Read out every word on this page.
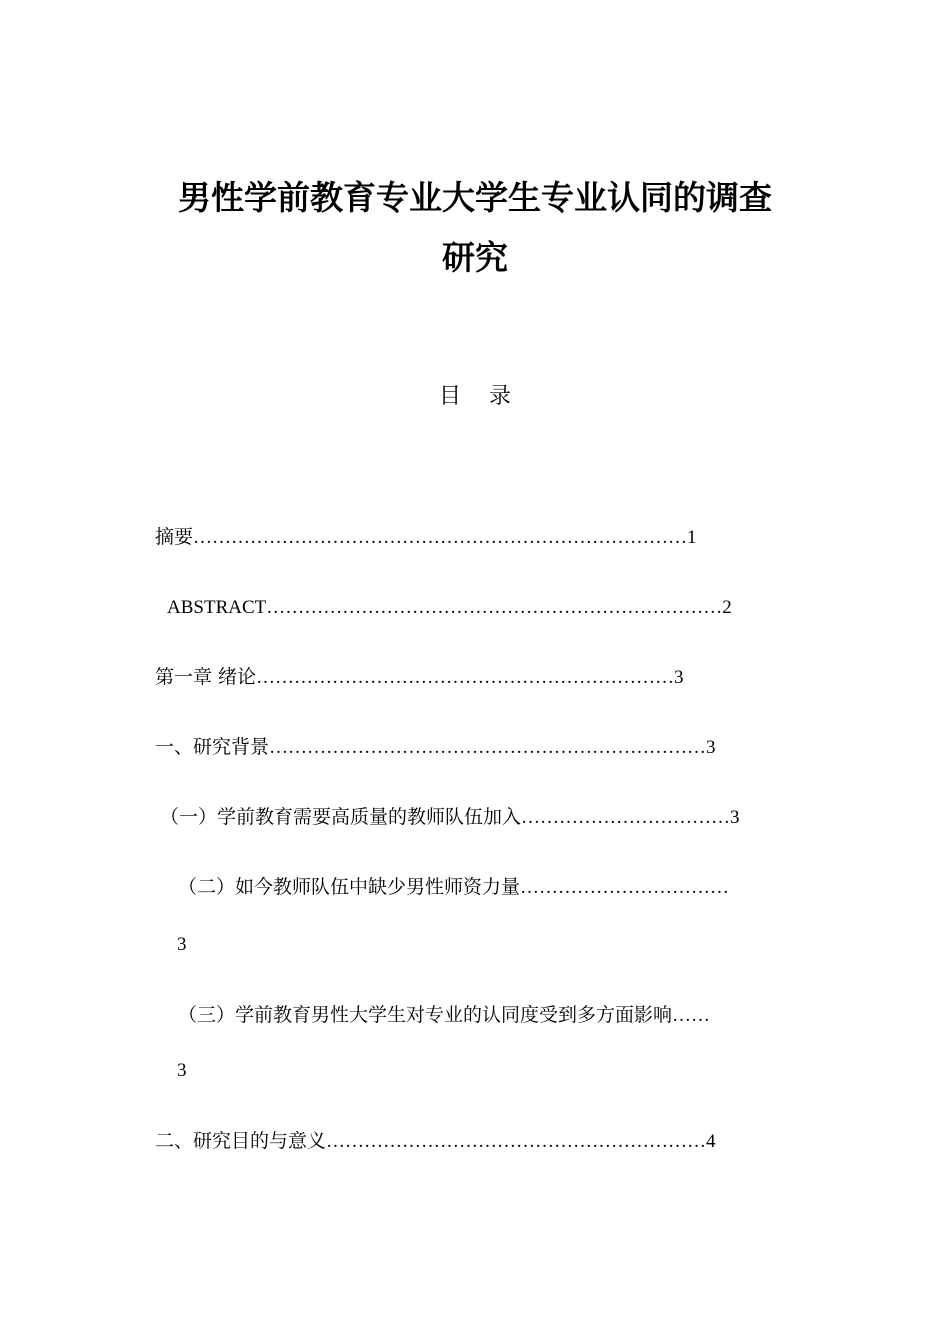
男性学前教育专业大学生专业认同的调查
研究
目录
摘要……………………………………………………………………1
ABSTRACT………………………………………………………………2
第一章 绪论…………………………………………………………3
一、研究背景……………………………………………………………3
（一）学前教育需要高质量的教师队伍加入……………………………3
（二）如今教师队伍中缺少男性师资力量……………………………
3
（三）学前教育男性大学生对专业的认同度受到多方面影响……
3
二、研究目的与意义……………………………………………………4
